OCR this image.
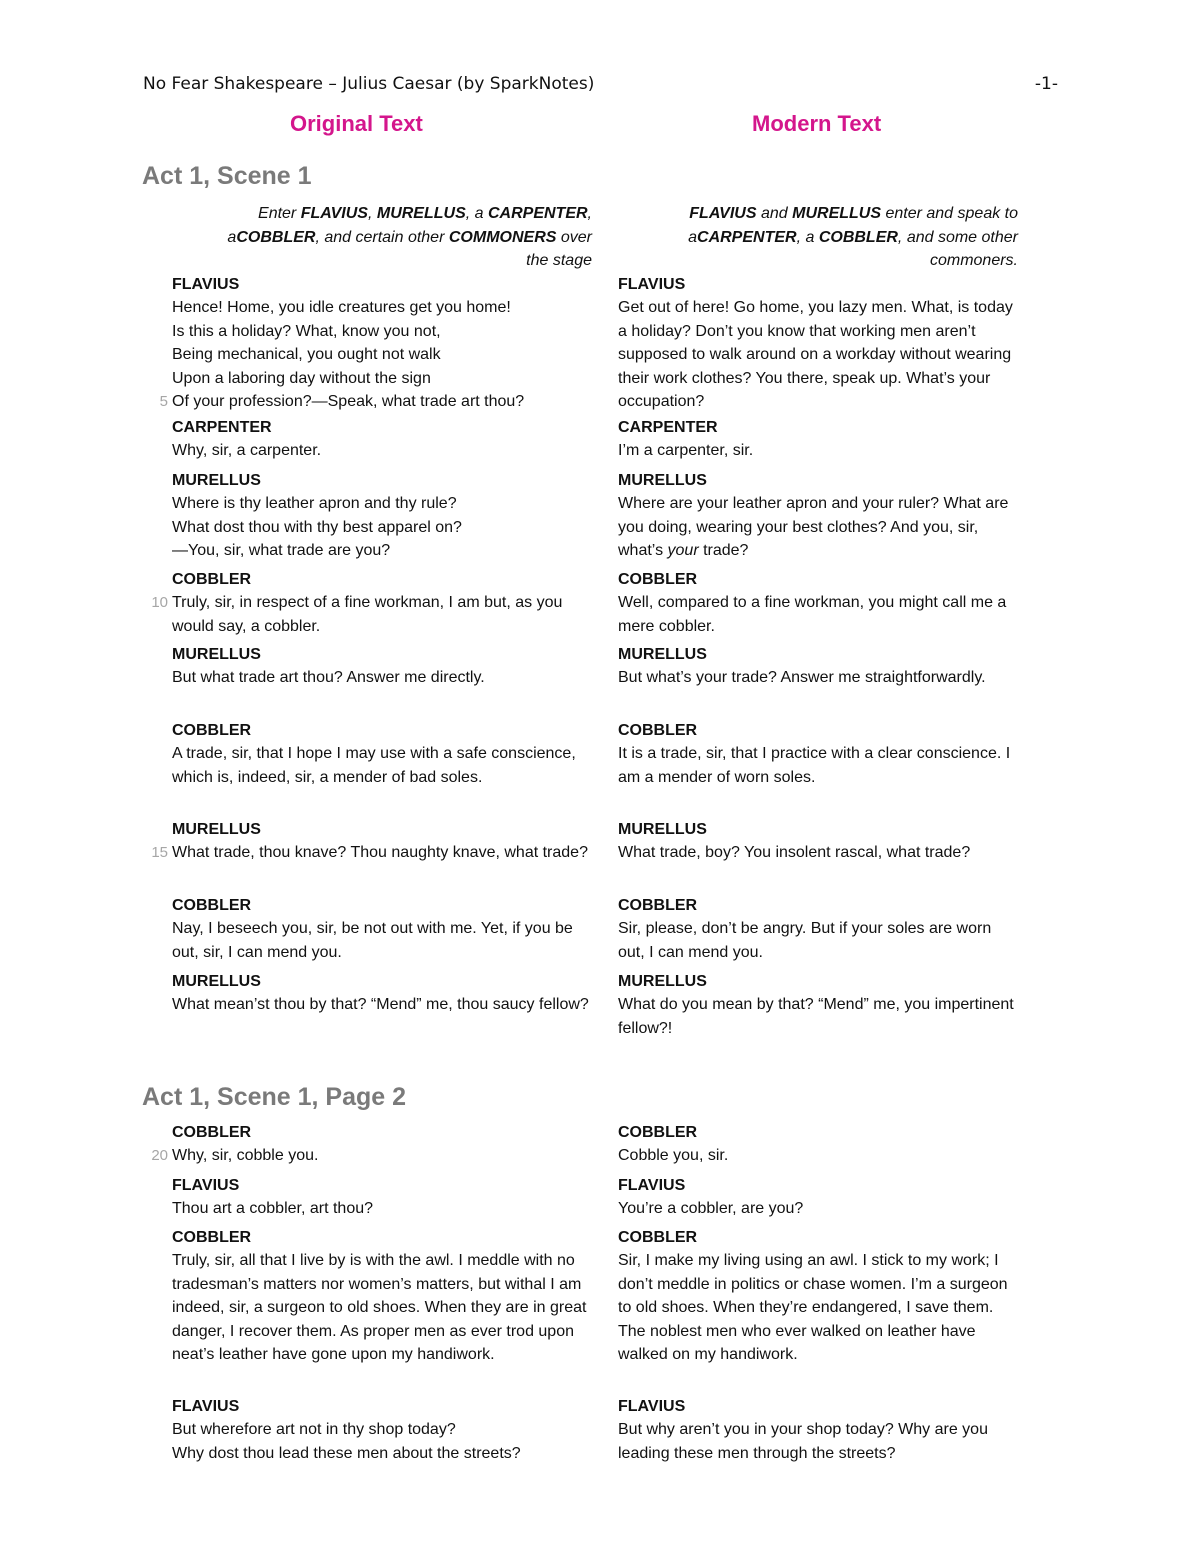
No Fear Shakespeare – Julius Caesar (by SparkNotes)	-1-
Original Text	Modern Text
Act 1, Scene 1
Enter FLAVIUS, MURELLUS, a CARPENTER,
aCOBBLER, and certain other COMMONERS over
the stage
FLAVIUS and MURELLUS enter and speak to
aCARPENTER, a COBBLER, and some other
commoners.
FLAVIUS
Hence! Home, you idle creatures get you home!
Is this a holiday? What, know you not,
Being mechanical, you ought not walk
Upon a laboring day without the sign
5 Of your profession?—Speak, what trade art thou?
FLAVIUS
Get out of here! Go home, you lazy men. What, is today a holiday? Don’t you know that working men aren’t supposed to walk around on a workday without wearing their work clothes? You there, speak up. What’s your occupation?
CARPENTER
Why, sir, a carpenter.
CARPENTER
I’m a carpenter, sir.
MURELLUS
Where is thy leather apron and thy rule?
What dost thou with thy best apparel on?
—You, sir, what trade are you?
MURELLUS
Where are your leather apron and your ruler? What are you doing, wearing your best clothes? And you, sir, what’s your trade?
COBBLER
10 Truly, sir, in respect of a fine workman, I am but, as you would say, a cobbler.
COBBLER
Well, compared to a fine workman, you might call me a mere cobbler.
MURELLUS
But what trade art thou? Answer me directly.
MURELLUS
But what’s your trade? Answer me straightforwardly.
COBBLER
A trade, sir, that I hope I may use with a safe conscience, which is, indeed, sir, a mender of bad soles.
COBBLER
It is a trade, sir, that I practice with a clear conscience. I am a mender of worn soles.
MURELLUS
15 What trade, thou knave? Thou naughty knave, what trade?
MURELLUS
What trade, boy? You insolent rascal, what trade?
COBBLER
Nay, I beseech you, sir, be not out with me. Yet, if you be out, sir, I can mend you.
COBBLER
Sir, please, don’t be angry. But if your soles are worn out, I can mend you.
MURELLUS
What mean’st thou by that? “Mend” me, thou saucy fellow?
MURELLUS
What do you mean by that? “Mend” me, you impertinent fellow?!
Act 1, Scene 1, Page 2
COBBLER
20 Why, sir, cobble you.
COBBLER
Cobble you, sir.
FLAVIUS
Thou art a cobbler, art thou?
FLAVIUS
You’re a cobbler, are you?
COBBLER
Truly, sir, all that I live by is with the awl. I meddle with no tradesman’s matters nor women’s matters, but withal I am indeed, sir, a surgeon to old shoes. When they are in great danger, I recover them. As proper men as ever trod upon neat’s leather have gone upon my handiwork.
COBBLER
Sir, I make my living using an awl. I stick to my work; I don’t meddle in politics or chase women. I’m a surgeon to old shoes. When they’re endangered, I save them. The noblest men who ever walked on leather have walked on my handiwork.
FLAVIUS
But wherefore art not in thy shop today?
Why dost thou lead these men about the streets?
FLAVIUS
But why aren’t you in your shop today? Why are you leading these men through the streets?
